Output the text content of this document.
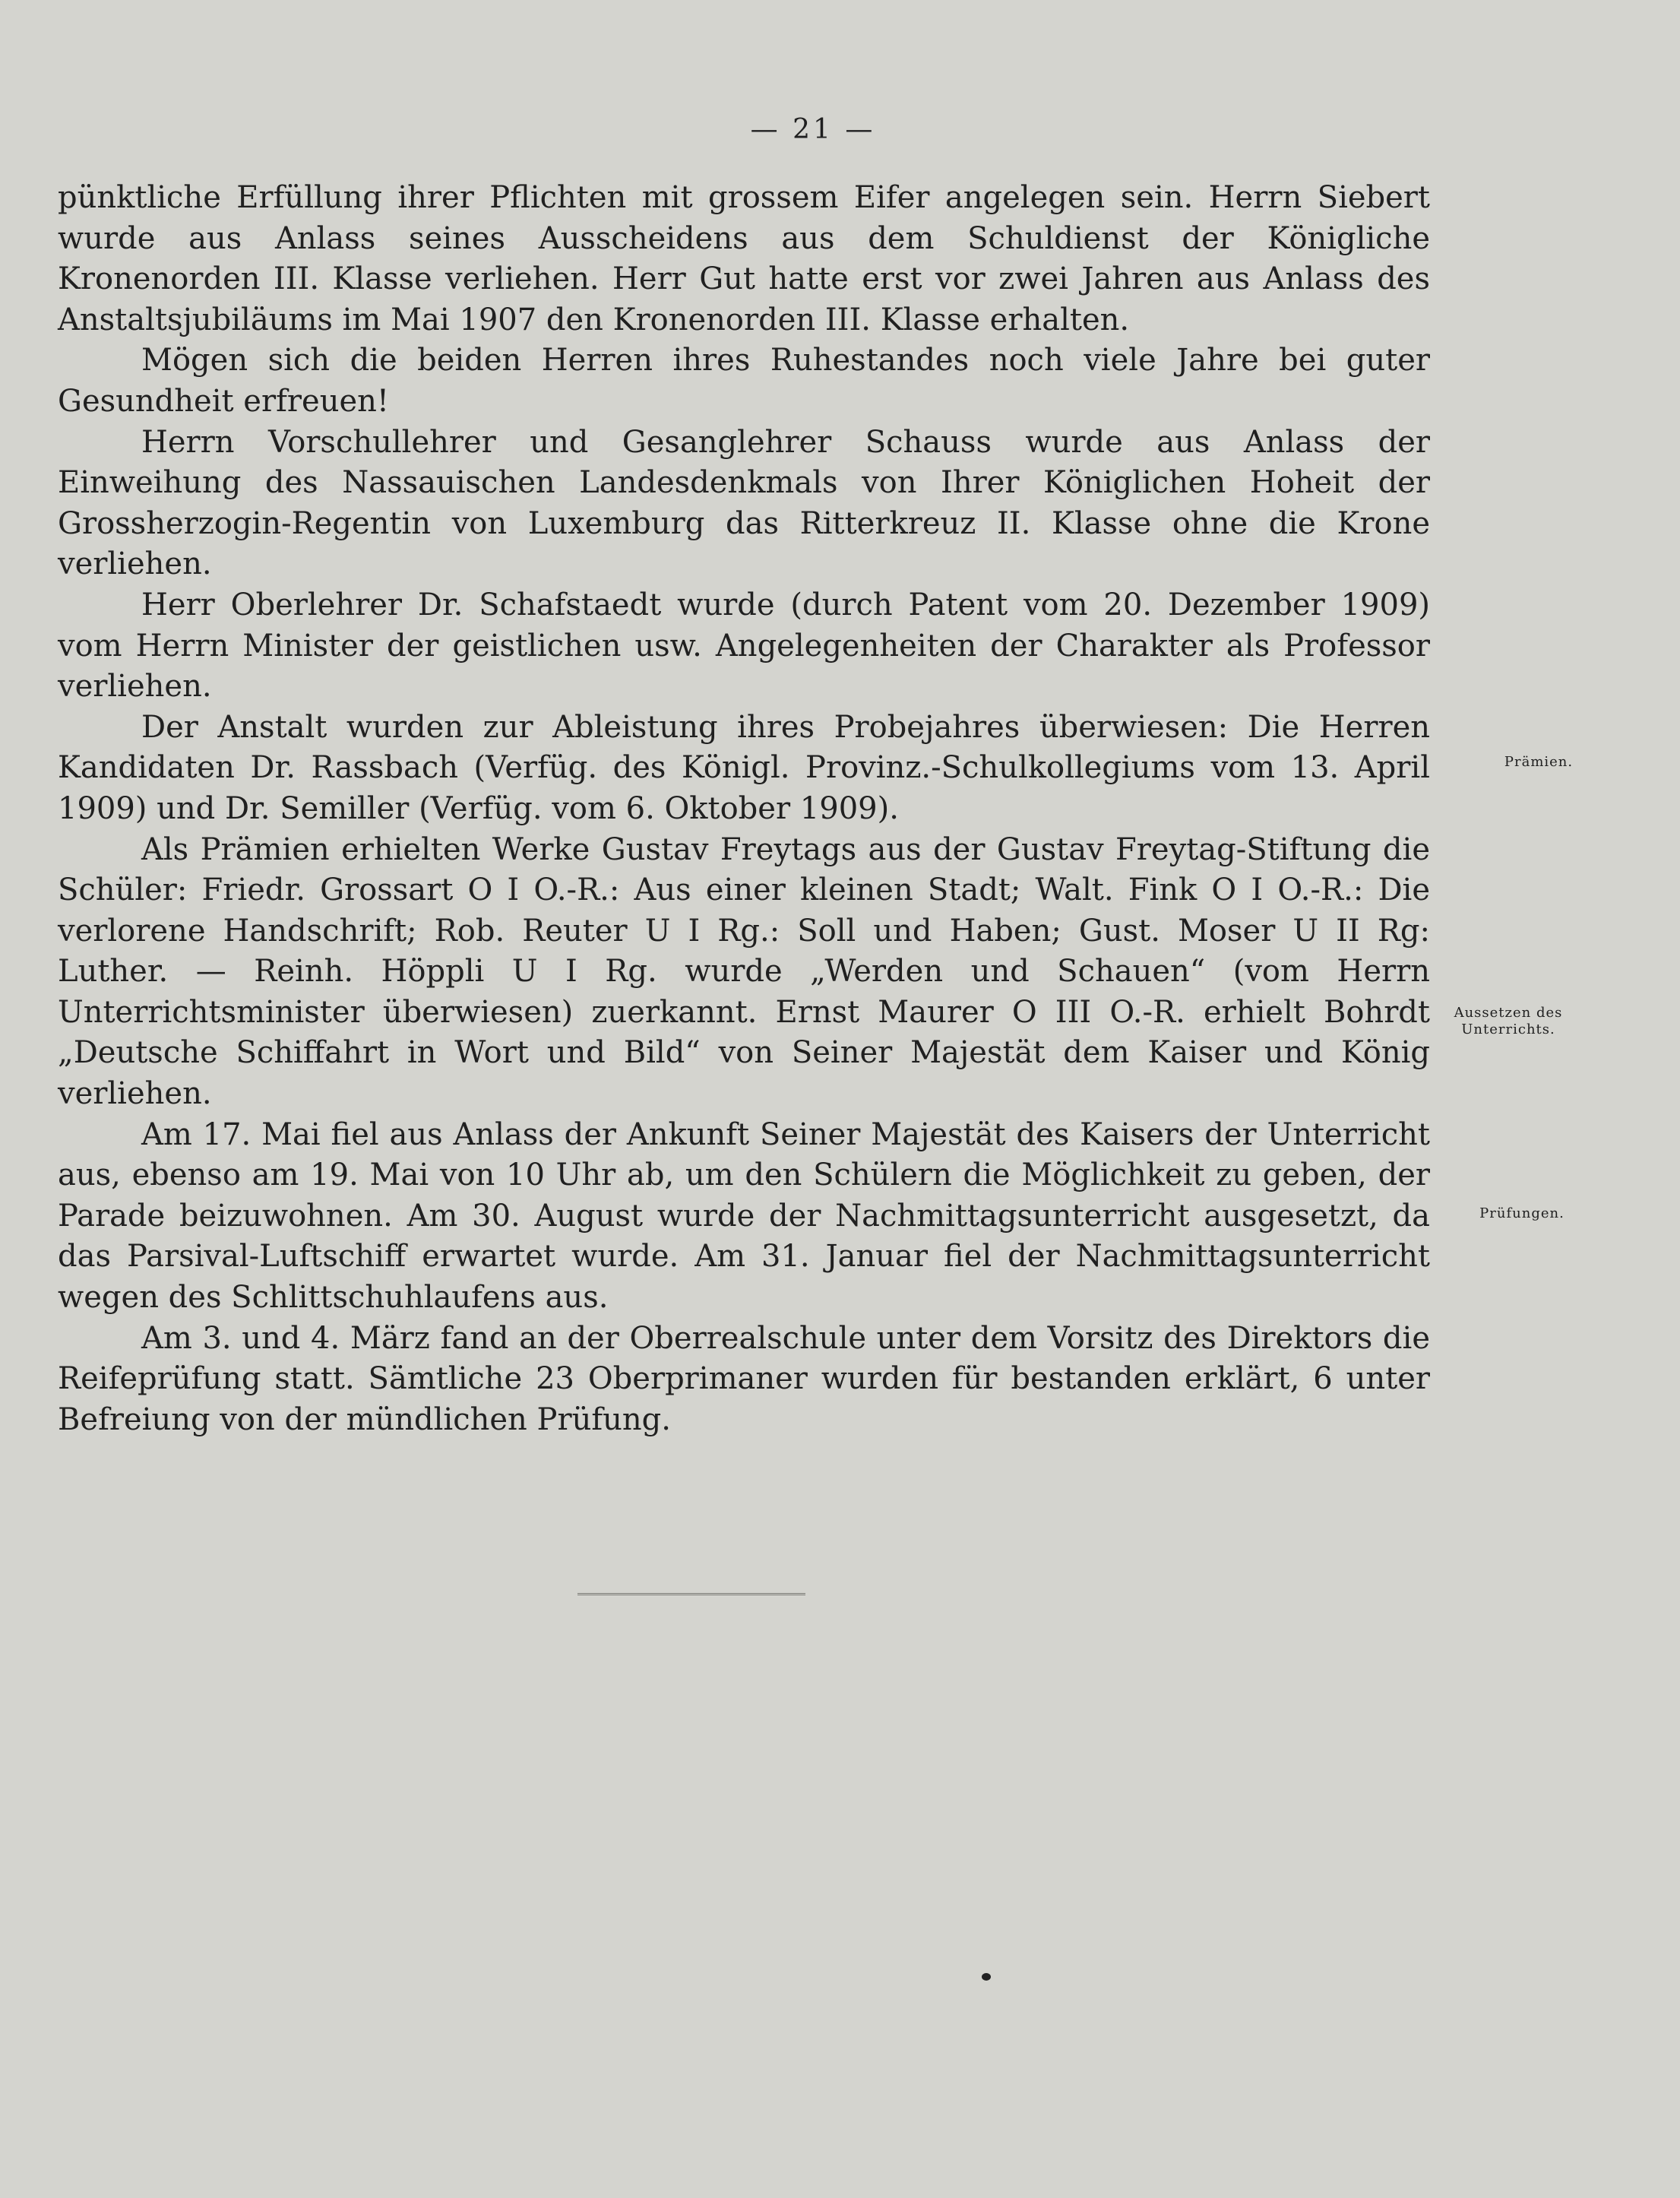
— 21 —

pünktliche Erfüllung ihrer Pflichten mit grossem Eifer angelegen sein. Herrn Siebert wurde aus Anlass seines Ausscheidens aus dem Schuldienst der Königliche Kronenorden III. Klasse verliehen. Herr Gut hatte erst vor zwei Jahren aus Anlass des Anstaltsjubiläums im Mai 1907 den Kronenorden III. Klasse erhalten.

Mögen sich die beiden Herren ihres Ruhestandes noch viele Jahre bei guter Gesundheit erfreuen!

Herrn Vorschullehrer und Gesanglehrer Schauss wurde aus Anlass der Einweihung des Nassauischen Landesdenkmals von Ihrer Königlichen Hoheit der Grossherzogin-Regentin von Luxemburg das Ritterkreuz II. Klasse ohne die Krone verliehen.

Herr Oberlehrer Dr. Schafstaedt wurde (durch Patent vom 20. Dezember 1909) vom Herrn Minister der geistlichen usw. Angelegenheiten der Charakter als Professor verliehen.

Der Anstalt wurden zur Ableistung ihres Probejahres überwiesen: Die Herren Kandidaten Dr. Rassbach (Verfüg. des Königl. Provinz.-Schulkollegiums vom 13. April 1909) und Dr. Semiller (Verfüg. vom 6. Oktober 1909).

Als Prämien erhielten Werke Gustav Freytags aus der Gustav Freytag-Stiftung die Schüler: Friedr. Grossart O I O.-R.: Aus einer kleinen Stadt; Walt. Fink O I O.-R.: Die verlorene Handschrift; Rob. Reuter U I Rg.: Soll und Haben; Gust. Moser U II Rg: Luther. — Reinh. Höppli U I Rg. wurde „Werden und Schauen“ (vom Herrn Unterrichtsminister überwiesen) zuerkannt. Ernst Maurer O III O.-R. erhielt Bohrdt „Deutsche Schiffahrt in Wort und Bild“ von Seiner Majestät dem Kaiser und König verliehen.

Am 17. Mai fiel aus Anlass der Ankunft Seiner Majestät des Kaisers der Unterricht aus, ebenso am 19. Mai von 10 Uhr ab, um den Schülern die Möglichkeit zu geben, der Parade beizuwohnen. Am 30. August wurde der Nachmittagsunterricht ausgesetzt, da das Parsival-Luftschiff erwartet wurde. Am 31. Januar fiel der Nachmittagsunterricht wegen des Schlittschuhlaufens aus.

Am 3. und 4. März fand an der Oberrealschule unter dem Vorsitz des Direktors die Reifeprüfung statt. Sämtliche 23 Oberprimaner wurden für bestanden erklärt, 6 unter Befreiung von der mündlichen Prüfung.

Prämien.
Aussetzen des
Unterrichts.
Prüfungen.
